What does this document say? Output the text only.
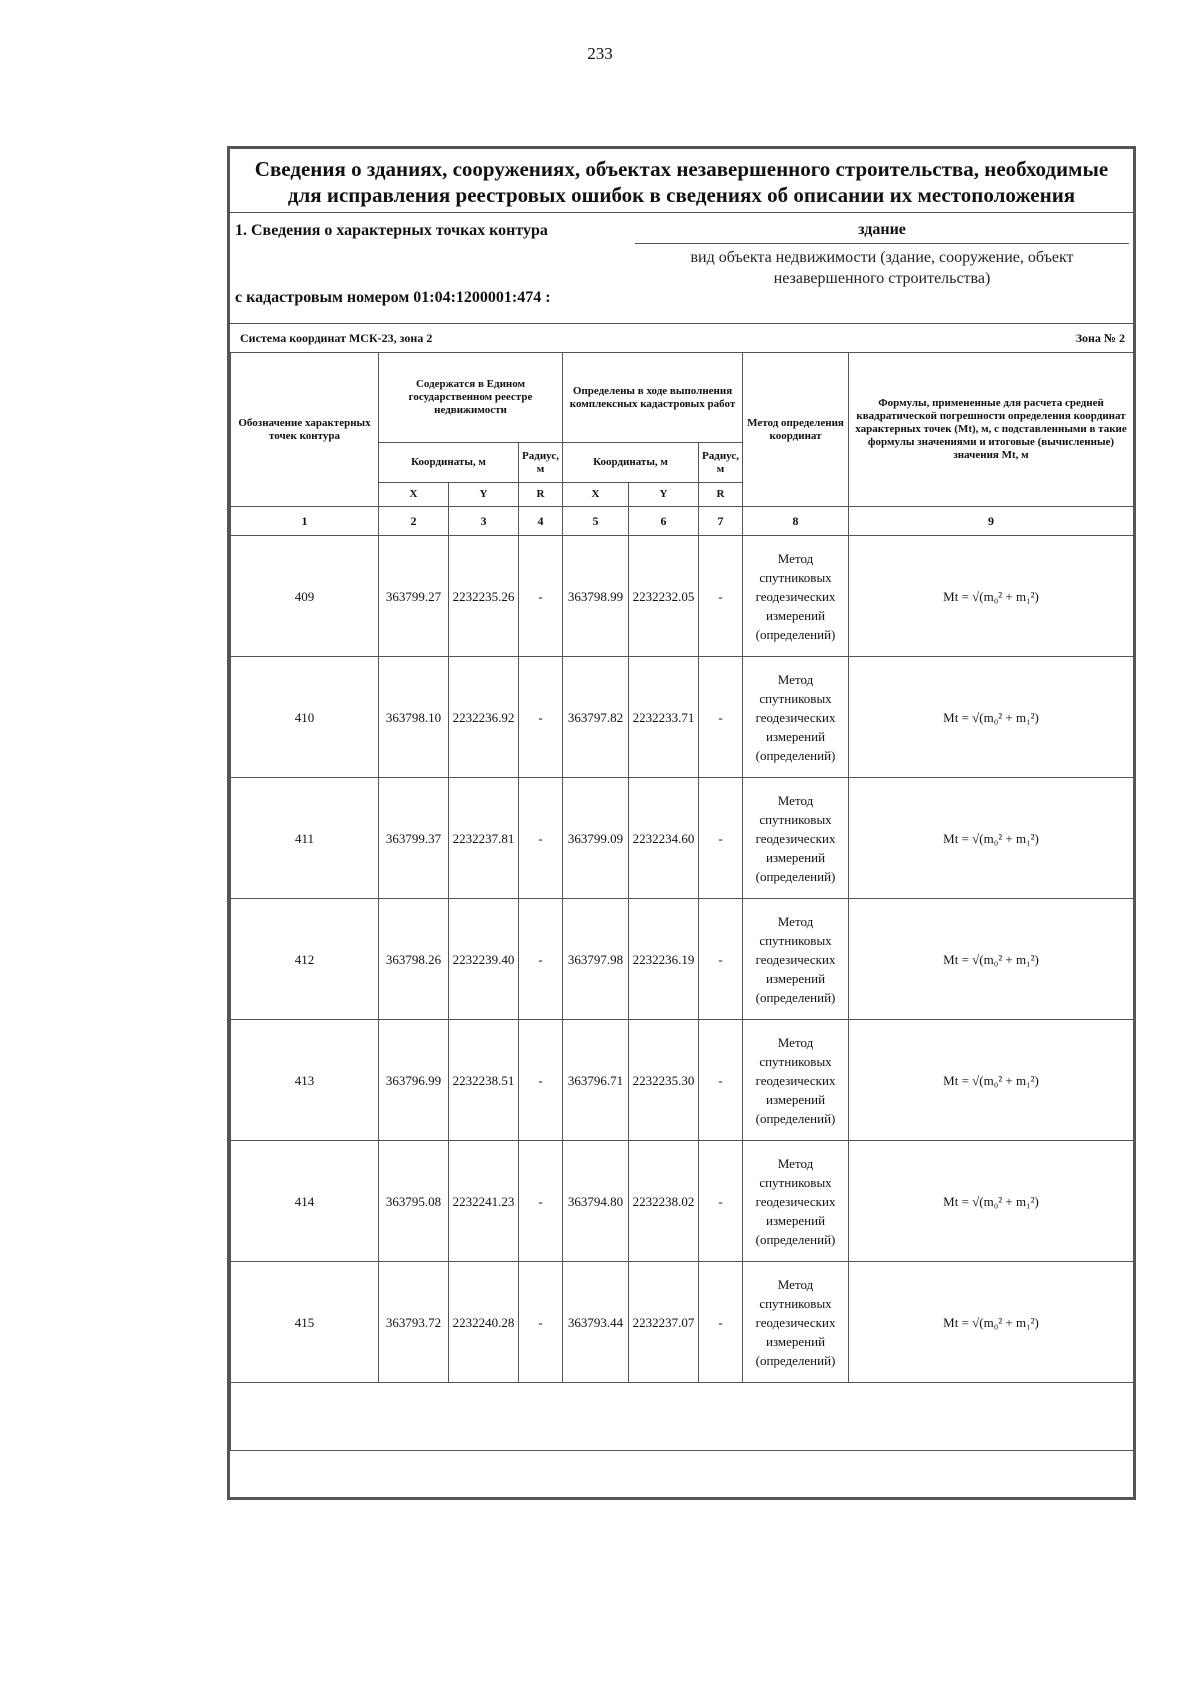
233
Сведения о зданиях, сооружениях, объектах незавершенного строительства, необходимые для исправления реестровых ошибок в сведениях об описании их местоположения
1. Сведения о характерных точках контура	здание
вид объекта недвижимости (здание, сооружение, объект незавершенного строительства)
с кадастровым номером 01:04:1200001:474 :
Система координат МСК-23, зона 2	Зона № 2
Обозначение характерных точек контура	Содержатся в Едином государственном реестре недвижимости			Определены в ходе выполнения комплексных кадастровых работ			Метод определения координат	Формулы, примененные для расчета средней квадратической погрешности определения координат характерных точек (Mt), м, с подставленными в такие формулы значениями и итоговые (вычисленные) значения Mt, м
	Координаты, м		Радиус, м	Координаты, м		Радиус, м		
	X	Y	R	X	Y	R		
1	2	3	4	5	6	7	8	9
409	363799.27	2232235.26	-	363798.99	2232232.05	-	Метод спутниковых геодезических измерений (определений)	Mt = √(m₀² + m₁²)
410	363798.10	2232236.92	-	363797.82	2232233.71	-	Метод спутниковых геодезических измерений (определений)	Mt = √(m₀² + m₁²)
411	363799.37	2232237.81	-	363799.09	2232234.60	-	Метод спутниковых геодезических измерений (определений)	Mt = √(m₀² + m₁²)
412	363798.26	2232239.40	-	363797.98	2232236.19	-	Метод спутниковых геодезических измерений (определений)	Mt = √(m₀² + m₁²)
413	363796.99	2232238.51	-	363796.71	2232235.30	-	Метод спутниковых геодезических измерений (определений)	Mt = √(m₀² + m₁²)
414	363795.08	2232241.23	-	363794.80	2232238.02	-	Метод спутниковых геодезических измерений (определений)	Mt = √(m₀² + m₁²)
415	363793.72	2232240.28	-	363793.44	2232237.07	-	Метод спутниковых геодезических измерений (определений)	Mt = √(m₀² + m₁²)
